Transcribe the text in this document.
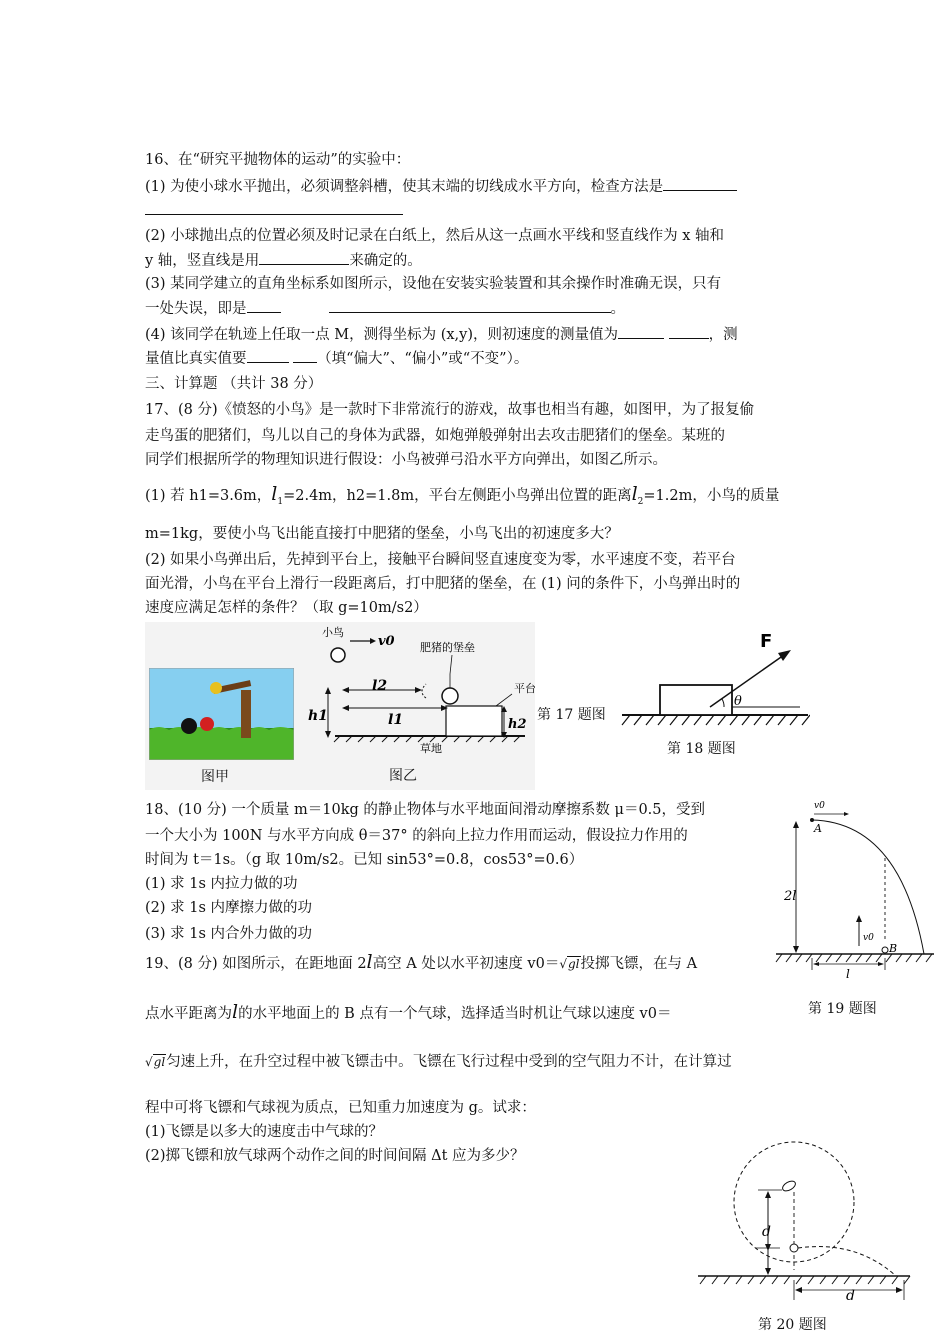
16、在“研究平抛物体的运动”的实验中：
(1) 为使小球水平抛出，必须调整斜槽，使其末端的切线成水平方向，检查方法是
(2) 小球抛出点的位置必须及时记录在白纸上，然后从这一点画水平线和竖直线作为 x 轴和
y 轴，竖直线是用	来确定的。
(3) 某同学建立的直角坐标系如图所示，设他在安装实验装置和其余操作时准确无误，只有
一处失误，即是	。
(4) 该同学在轨迹上任取一点 M，测得坐标为 (x,y)，则初速度的测量值为	，测
量值比真实值要	（填“偏大”、“偏小”或“不变”）。
三、计算题 （共计 38 分）
17、(8 分)《愤怒的小鸟》是一款时下非常流行的游戏，故事也相当有趣，如图甲，为了报复偷
走鸟蛋的肥猪们，鸟儿以自己的身体为武器，如炮弹般弹射出去攻击肥猪们的堡垒。某班的
同学们根据所学的物理知识进行假设：小鸟被弹弓沿水平方向弹出，如图乙所示。
(1) 若 h1=3.6m，$l_1=2.4m$，h2=1.8m，平台左侧距小鸟弹出位置的距离$l_2=1.2m$，小鸟的质量
m=1kg，要使小鸟飞出能直接打中肥猪的堡垒，小鸟飞出的初速度多大？
(2) 如果小鸟弹出后，先掉到平台上，接触平台瞬间竖直速度变为零，水平速度不变，若平台
面光滑，小鸟在平台上滑行一段距离后，打中肥猪的堡垒，在 (1) 问的条件下，小鸟弹出时的
速度应满足怎样的条件？（取 g=10m/s2）
图甲
小鸟
v0 肥猪的堡垒
平台
h1	l1
l2
h2
草地
图乙
第 17 题图
F
θ
第 18 题图
18、(10 分) 一个质量 m＝10kg 的静止物体与水平地面间滑动摩擦系数 μ＝0.5，受到
一个大小为 100N 与水平方向成 θ＝37° 的斜向上拉力作用而运动，假设拉力作用的
时间为 t＝1s。（g 取 10m/s2。已知 sin53°=0.8，cos53°=0.6）
(1) 求 1s 内拉力做的功
(2) 求 1s 内摩擦力做的功
(3) 求 1s 内合外力做的功
v0
A
2l
v0
B
l
第 19 题图
19、(8 分) 如图所示，在距地面 2l高空 A 处以水平初速度 v0＝√gl投掷飞镖，在与 A
点水平距离为l的水平地面上的 B 点有一个气球，选择适当时机让气球以速度 v0＝
√gl匀速上升，在升空过程中被飞镖击中。飞镖在飞行过程中受到的空气阻力不计，在计算过
程中可将飞镖和气球视为质点，已知重力加速度为 g。试求：
(1)飞镖是以多大的速度击中气球的？
(2)掷飞镖和放气球两个动作之间的时间间隔 Δt 应为多少？
d
d
第 20 题图
